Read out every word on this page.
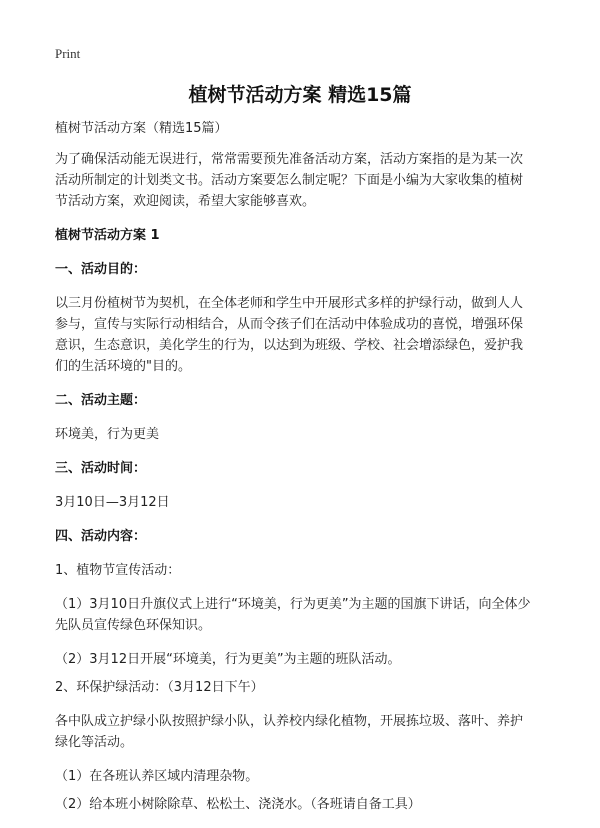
Print
植树节活动方案 精选15篇

植树节活动方案（精选15篇）

为了确保活动能无误进行，常常需要预先准备活动方案，活动方案指的是为某一次

活动所制定的计划类文书。活动方案要怎么制定呢？下面是小编为大家收集的植树

节活动方案，欢迎阅读，希望大家能够喜欢。

植树节活动方案 1

一、活动目的：

以三月份植树节为契机，在全体老师和学生中开展形式多样的护绿行动，做到人人

参与，宣传与实际行动相结合，从而令孩子们在活动中体验成功的喜悦，增强环保

意识，生态意识，美化学生的行为，以达到为班级、学校、社会增添绿色，爱护我

们的生活环境的"目的。

二、活动主题：

环境美，行为更美

三、活动时间：

3月10日—3月12日

四、活动内容：

1、植物节宣传活动：

（1）3月10日升旗仪式上进行“环境美，行为更美”为主题的国旗下讲话，向全体少

先队员宣传绿色环保知识。

（2）3月12日开展“环境美，行为更美”为主题的班队活动。

2、环保护绿活动：（3月12日下午）

各中队成立护绿小队按照护绿小队，认养校内绿化植物，开展拣垃圾、落叶、养护

绿化等活动。

（1）在各班认养区域内清理杂物。

（2）给本班小树除除草、松松土、浇浇水。（各班请自备工具）
